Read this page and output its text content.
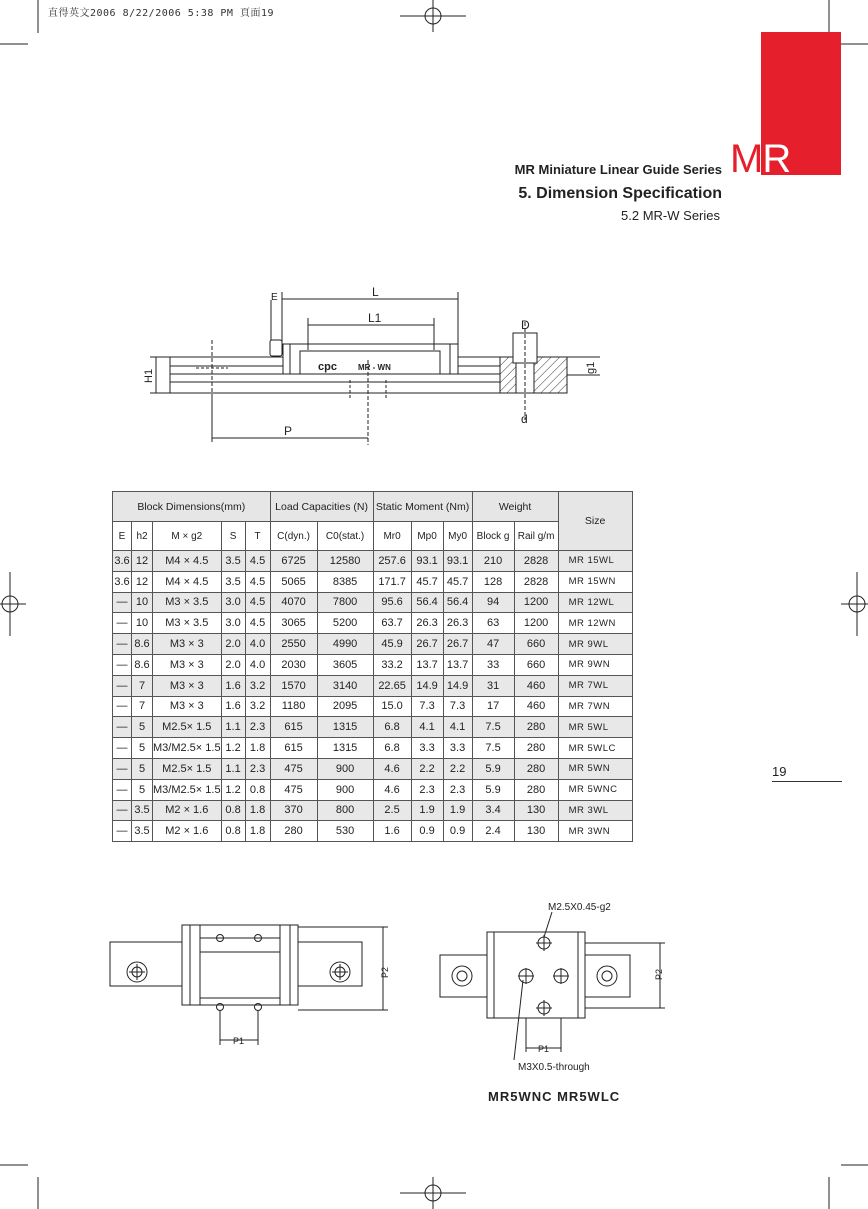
直得英文2006 8/22/2006 5:38 PM 頁面19
MR
MR Miniature Linear Guide Series
5. Dimension Specification
5.2 MR-W Series
L
L1
E
D
H1
g1
d
P
cpc	MR - WN
Block Dimensions(mm)					Load Capacities (N)		Static Moment (Nm)			Weight		Size
E	h2	M × g2	S	T	C(dyn.)	C0(stat.)	Mr0	Mp0	My0	Block g	Rail g/m	
3.6	12	M4 × 4.5	3.5	4.5	6725	12580	257.6	93.1	93.1	210	2828	MR 15WL
3.6	12	M4 × 4.5	3.5	4.5	5065	8385	171.7	45.7	45.7	128	2828	MR 15WN
—	10	M3 × 3.5	3.0	4.5	4070	7800	95.6	56.4	56.4	94	1200	MR 12WL
—	10	M3 × 3.5	3.0	4.5	3065	5200	63.7	26.3	26.3	63	1200	MR 12WN
—	8.6	M3 × 3	2.0	4.0	2550	4990	45.9	26.7	26.7	47	660	MR 9WL
—	8.6	M3 × 3	2.0	4.0	2030	3605	33.2	13.7	13.7	33	660	MR 9WN
—	7	M3 × 3	1.6	3.2	1570	3140	22.65	14.9	14.9	31	460	MR 7WL
—	7	M3 × 3	1.6	3.2	1180	2095	15.0	7.3	7.3	17	460	MR 7WN
—	5	M2.5× 1.5	1.1	2.3	615	1315	6.8	4.1	4.1	7.5	280	MR 5WL
—	5	M3/M2.5× 1.5	1.2	1.8	615	1315	6.8	3.3	3.3	7.5	280	MR 5WLC
—	5	M2.5× 1.5	1.1	2.3	475	900	4.6	2.2	2.2	5.9	280	MR 5WN
—	5	M3/M2.5× 1.5	1.2	0.8	475	900	4.6	2.3	2.3	5.9	280	MR 5WNC
—	3.5	M2 × 1.6	0.8	1.8	370	800	2.5	1.9	1.9	3.4	130	MR 3WL
—	3.5	M2 × 1.6	0.8	1.8	280	530	1.6	0.9	0.9	2.4	130	MR 3WN
19
P1
P2
P1
P2
M2.5X0.45-g2
M3X0.5-through
MR5WNC MR5WLC
